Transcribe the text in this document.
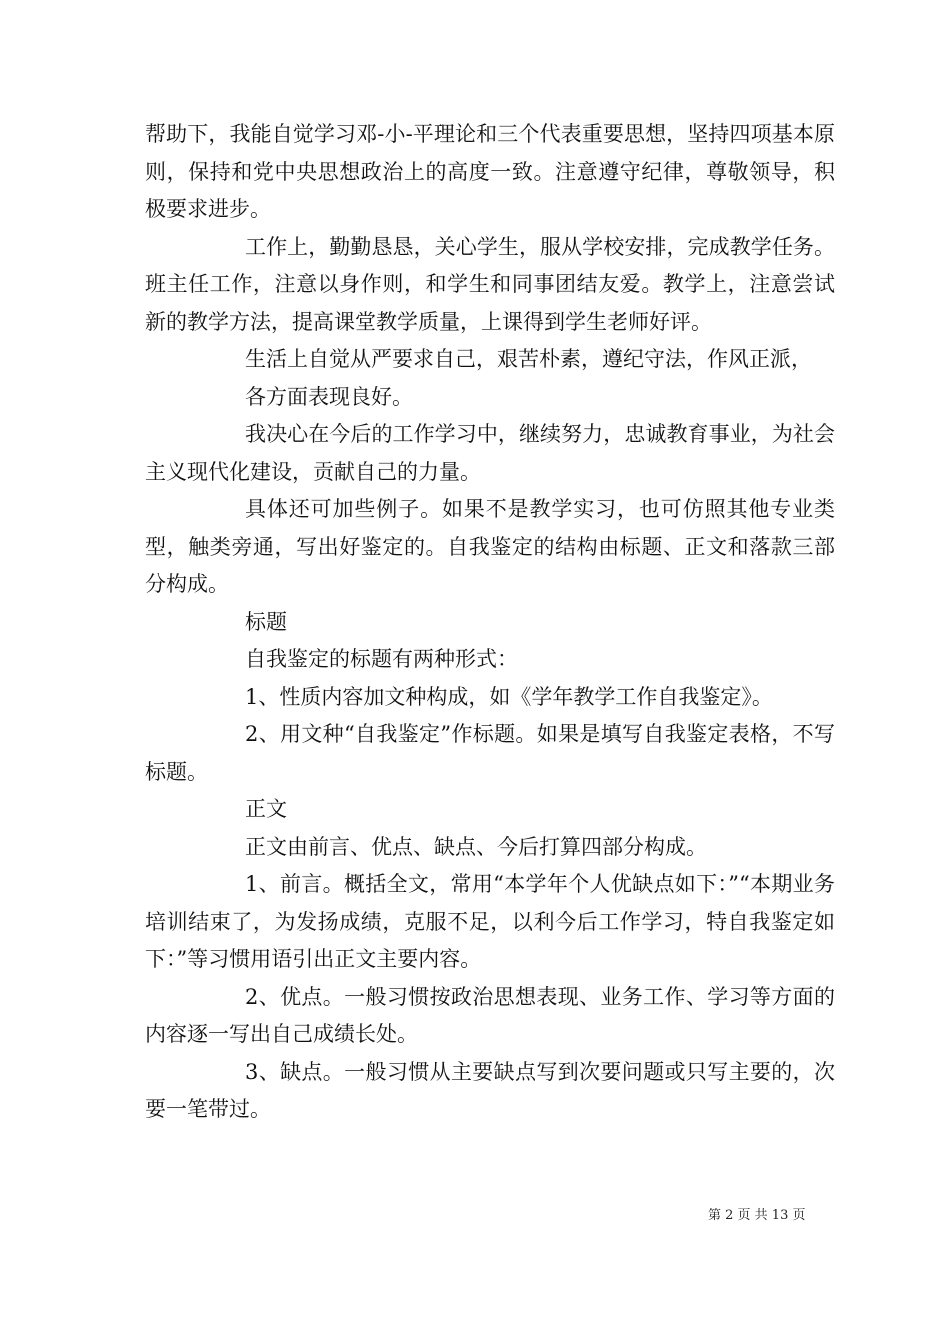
帮助下，我能自觉学习邓-小-平理论和三个代表重要思想，坚持四项基本原则，保持和党中央思想政治上的高度一致。注意遵守纪律，尊敬领导，积极要求进步。

工作上，勤勤恳恳，关心学生，服从学校安排，完成教学任务。班主任工作，注意以身作则，和学生和同事团结友爱。教学上，注意尝试新的教学方法，提高课堂教学质量，上课得到学生老师好评。

生活上自觉从严要求自己，艰苦朴素，遵纪守法，作风正派，

各方面表现良好。

我决心在今后的工作学习中，继续努力，忠诚教育事业，为社会主义现代化建设，贡献自己的力量。

具体还可加些例子。如果不是教学实习，也可仿照其他专业类型，触类旁通，写出好鉴定的。自我鉴定的结构由标题、正文和落款三部分构成。

标题

自我鉴定的标题有两种形式：

1、性质内容加文种构成，如《学年教学工作自我鉴定》。

2、用文种“自我鉴定”作标题。如果是填写自我鉴定表格，不写标题。

正文

正文由前言、优点、缺点、今后打算四部分构成。

1、前言。概括全文，常用“本学年个人优缺点如下：”“本期业务培训结束了，为发扬成绩，克服不足，以利今后工作学习，特自我鉴定如下：”等习惯用语引出正文主要内容。

2、优点。一般习惯按政治思想表现、业务工作、学习等方面的内容逐一写出自己成绩长处。

3、缺点。一般习惯从主要缺点写到次要问题或只写主要的，次要一笔带过。

第 2 页 共 13 页
